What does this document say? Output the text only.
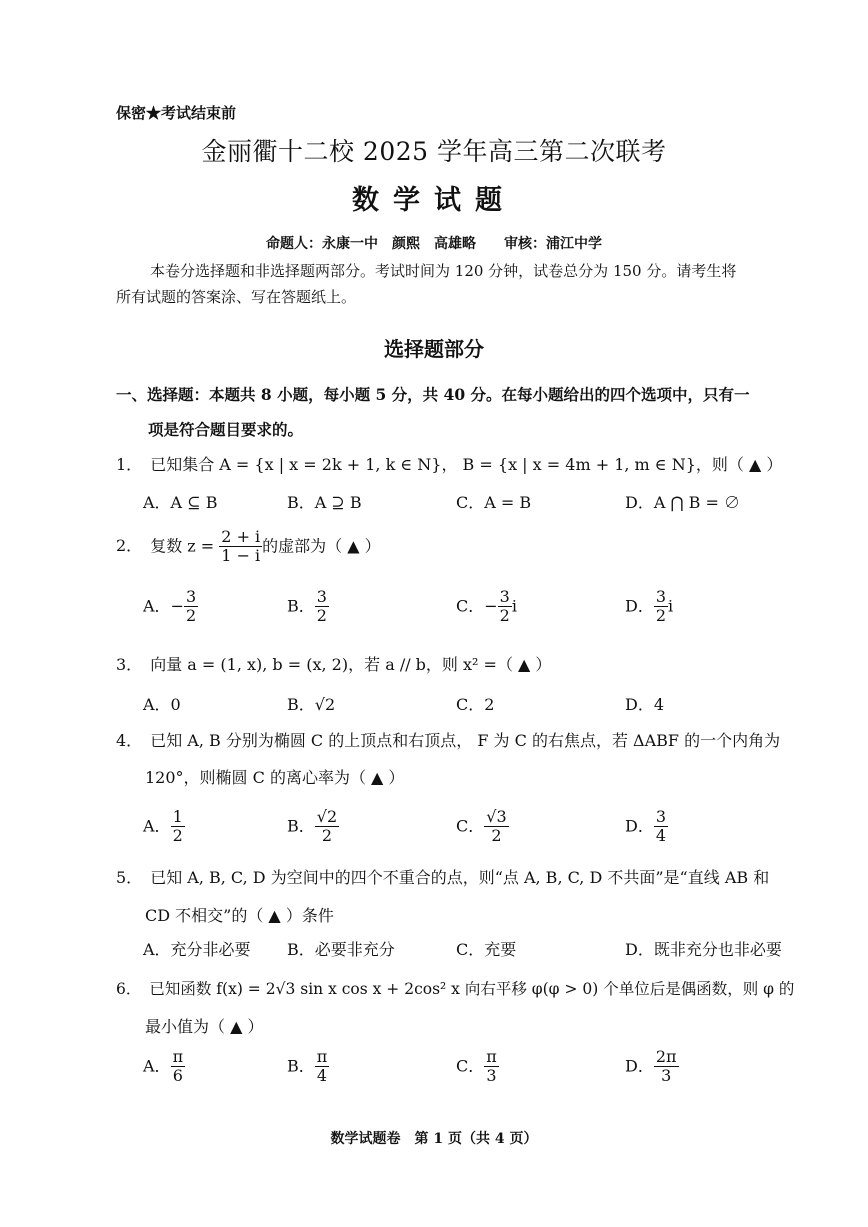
保密★考试结束前
金丽衢十二校 2025 学年高三第二次联考
数学试题
命题人：永康一中　颜熙　高雄略　　审核：浦江中学
本卷分选择题和非选择题两部分。考试时间为 120 分钟，试卷总分为 150 分。请考生将
所有试题的答案涂、写在答题纸上。
选择题部分
一、选择题：本题共 8 小题，每小题 5 分，共 40 分。在每小题给出的四个选项中，只有一
项是符合题目要求的。
1． 已知集合 A = {x | x = 2k + 1, k ∈ N}， B = {x | x = 4m + 1, m ∈ N}，则（ ▲ ）
A．A ⊆ B	B．A ⊇ B	C．A = B	D．A ⋂ B = ∅
2． 复数 $z = \frac{2 + i}{1 - i}$ 的虚部为（ ▲ ）
A．− $\frac{3}{2}$	B． $\frac{3}{2}$	C．− $\frac{3}{2}$ i	D． $\frac{3}{2}$ i
3． 向量 a = (1, x), b = (x, 2)，若 a // b，则 x² =（ ▲ ）
A．0	B．√2	C．2	D．4
4． 已知 A, B 分别为椭圆 C 的上顶点和右顶点， F 为 C 的右焦点，若 ΔABF 的一个内角为
120°，则椭圆 C 的离心率为（ ▲ ）
A． $\frac{1}{2}$	B． $\frac{√2}{2}$	C． $\frac{√3}{2}$	D． $\frac{3}{4}$
5． 已知 A, B, C, D 为空间中的四个不重合的点，则“点 A, B, C, D 不共面”是“直线 AB 和
CD 不相交”的（ ▲ ）条件
A．充分非必要 B．必要非充分	C．充要	D．既非充分也非必要
6． 已知函数 f(x) = 2√3 sin x cos x + 2cos² x 向右平移 φ(φ > 0) 个单位后是偶函数，则 φ 的
最小值为（ ▲ ）
A． $\frac{\pi}{6}$	B． $\frac{\pi}{4}$	C． $\frac{\pi}{3}$	D． $\frac{2\pi}{3}$
数学试题卷　第 1 页（共 4 页）
